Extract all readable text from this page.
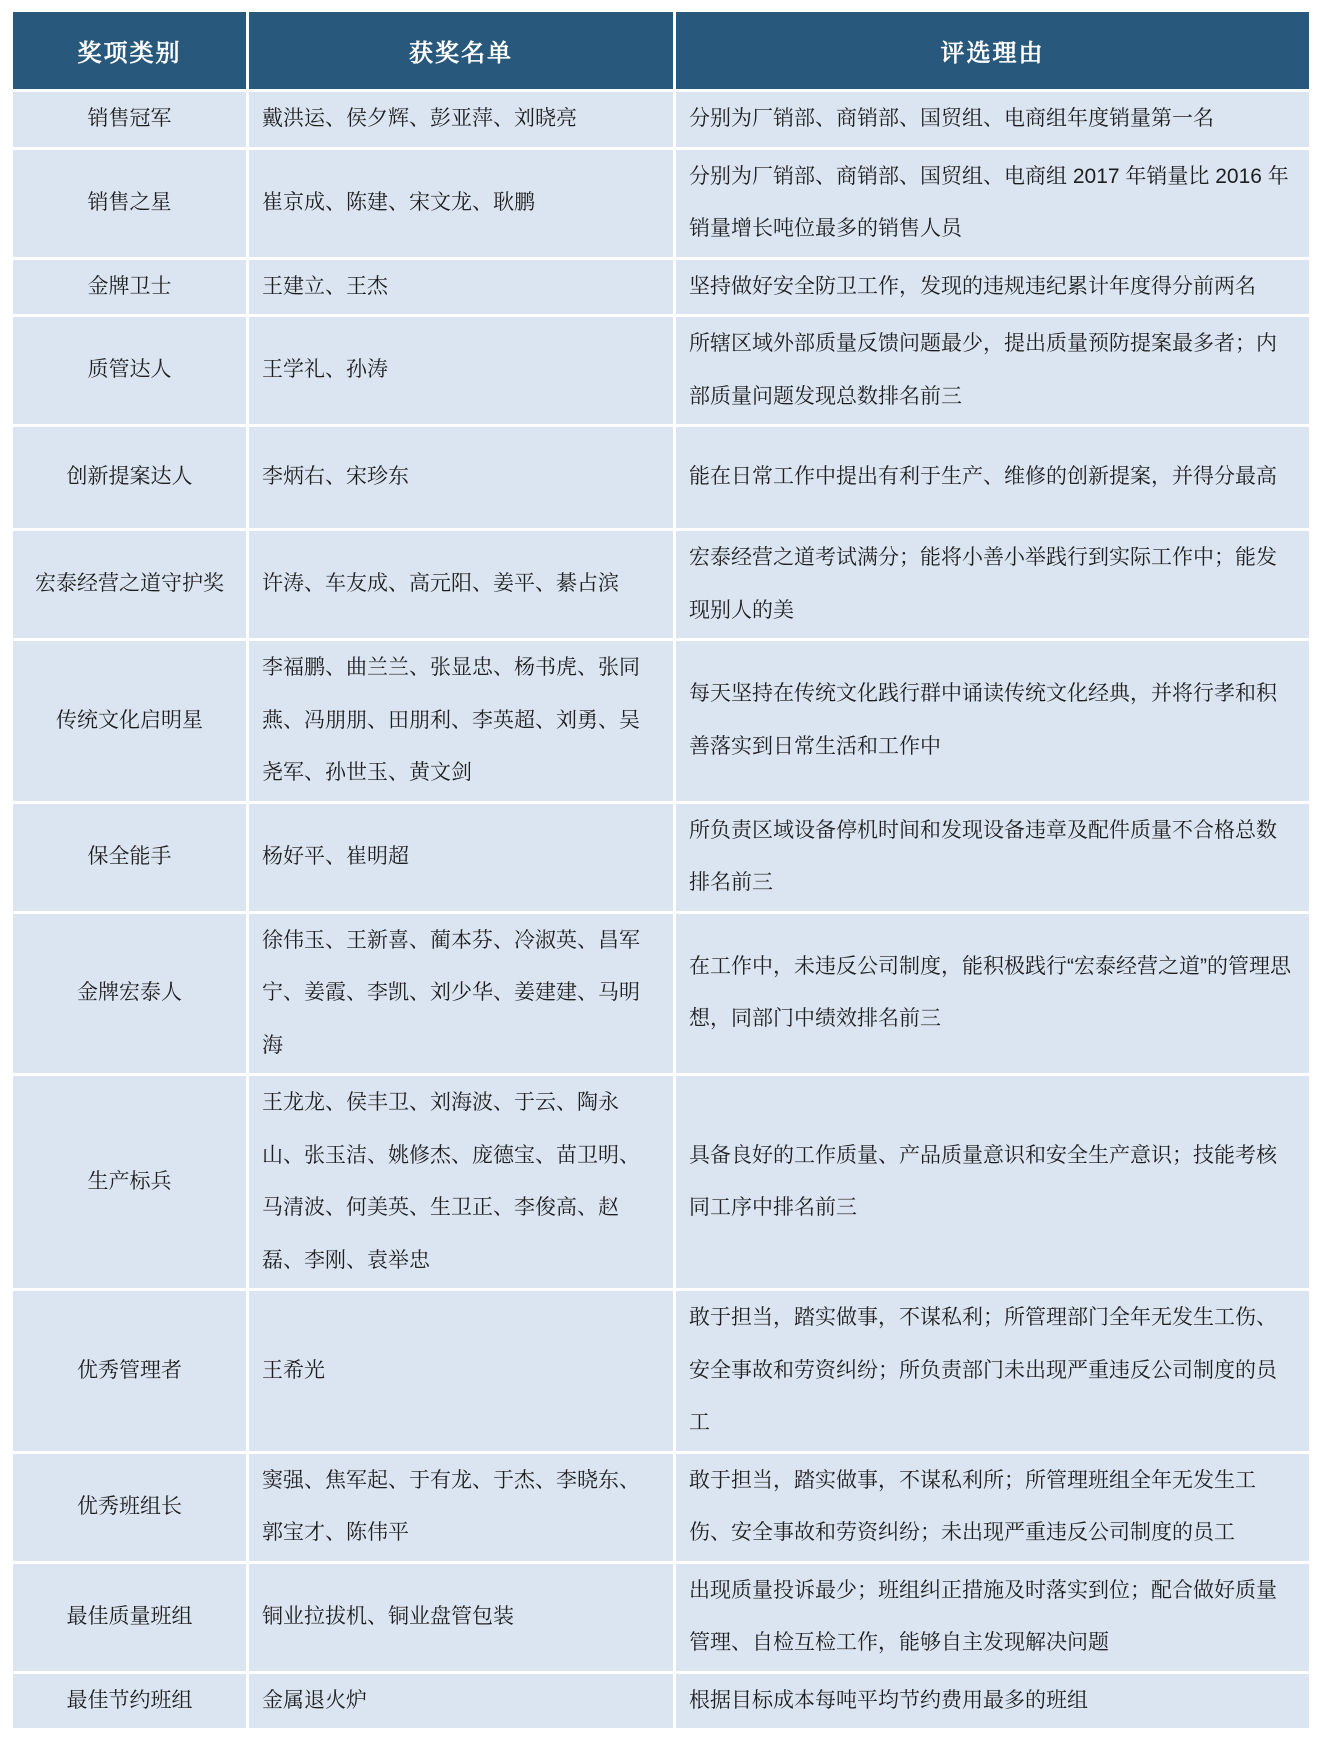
奖项类别	获奖名单	评选理由
销售冠军	戴洪运、侯夕辉、彭亚萍、刘晓亮	分别为厂销部、商销部、国贸组、电商组年度销量第一名
销售之星	崔京成、陈建、宋文龙、耿鹏	分别为厂销部、商销部、国贸组、电商组 2017 年销量比 2016 年销量增长吨位最多的销售人员
金牌卫士	王建立、王杰	坚持做好安全防卫工作，发现的违规违纪累计年度得分前两名
质管达人	王学礼、孙涛	所辖区域外部质量反馈问题最少，提出质量预防提案最多者；内部质量问题发现总数排名前三
创新提案达人	李炳右、宋珍东	能在日常工作中提出有利于生产、维修的创新提案，并得分最高
宏泰经营之道守护奖	许涛、车友成、高元阳、姜平、綦占滨	宏泰经营之道考试满分；能将小善小举践行到实际工作中；能发现别人的美
传统文化启明星	李福鹏、曲兰兰、张显忠、杨书虎、张同燕、冯朋朋、田朋利、李英超、刘勇、吴尧军、孙世玉、黄文剑	每天坚持在传统文化践行群中诵读传统文化经典，并将行孝和积善落实到日常生活和工作中
保全能手	杨好平、崔明超	所负责区域设备停机时间和发现设备违章及配件质量不合格总数排名前三
金牌宏泰人	徐伟玉、王新喜、蔺本芬、冷淑英、昌军宁、姜霞、李凯、刘少华、姜建建、马明海	在工作中，未违反公司制度，能积极践行“宏泰经营之道”的管理思想，同部门中绩效排名前三
生产标兵	王龙龙、侯丰卫、刘海波、于云、陶永山、张玉洁、姚修杰、庞德宝、苗卫明、马清波、何美英、生卫正、李俊高、赵磊、李刚、袁举忠	具备良好的工作质量、产品质量意识和安全生产意识；技能考核同工序中排名前三
优秀管理者	王希光	敢于担当，踏实做事，不谋私利；所管理部门全年无发生工伤、安全事故和劳资纠纷；所负责部门未出现严重违反公司制度的员工
优秀班组长	窦强、焦军起、于有龙、于杰、李晓东、郭宝才、陈伟平	敢于担当，踏实做事，不谋私利所；所管理班组全年无发生工伤、安全事故和劳资纠纷；未出现严重违反公司制度的员工
最佳质量班组	铜业拉拔机、铜业盘管包装	出现质量投诉最少；班组纠正措施及时落实到位；配合做好质量管理、自检互检工作，能够自主发现解决问题
最佳节约班组	金属退火炉	根据目标成本每吨平均节约费用最多的班组
